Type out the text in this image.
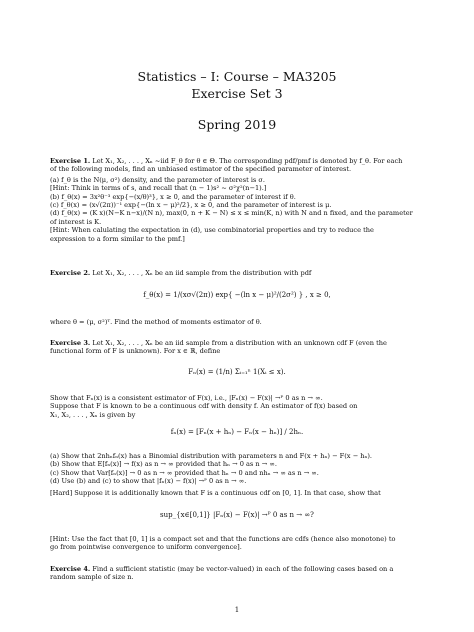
Statistics – I: Course – MA3205
Exercise Set 3
Spring 2019
Exercise 1. Let X₁, X₂, . . . , Xₙ ~iid F_θ for θ ∈ Θ. The corresponding pdf/pmf is denoted by f_θ. For each
of the following models, find an unbiased estimator of the specified parameter of interest.
(a) f_θ is the N(μ, σ²) density, and the parameter of interest is σ.
[Hint: Think in terms of s, and recall that (n − 1)s² ~ σ²χ²(n−1).]
(b) f_θ(x) = 3x²θ⁻³ exp{−(x/θ)³}, x ≥ 0, and the parameter of interest if θ.
(c) f_θ(x) = (x√(2π))⁻¹ exp{−(ln x − μ)²/2}, x ≥ 0, and the parameter of interest is μ.
(d) f_θ(x) = (K x)(N−K n−x)/(N n), max(0, n + K − N) ≤ x ≤ min(K, n) with N and n fixed, and the parameter
of interest is K.
[Hint: When calulating the expectation in (d), use combinatorial properties and try to reduce the
expression to a form similar to the pmf.]
Exercise 2. Let X₁, X₂, . . . , Xₙ be an iid sample from the distribution with pdf
f_θ(x) = 1/(xσ√(2π)) exp{ −(ln x − μ)²/(2σ²) } , x ≥ 0,
where θ = (μ, σ²)ᵀ. Find the method of moments estimator of θ.
Exercise 3. Let X₁, X₂, . . . , Xₙ be an iid sample from a distribution with an unknown cdf F (even the
functional form of F is unknown). For x ∈ ℝ, define
Fₙ(x) = (1/n) Σᵢ₌₁ⁿ 1(Xᵢ ≤ x).
Show that Fₙ(x) is a consistent estimator of F(x), i.e., |Fₙ(x) − F(x)| →ᴾ 0 as n → ∞.
Suppose that F is known to be a continuous cdf with density f. An estimator of f(x) based on
X₁, X₂, . . . , Xₙ is given by
fₙ(x) = [Fₙ(x + hₙ) − Fₙ(x − hₙ)] / 2hₙ.
(a) Show that 2nhₙfₙ(x) has a Binomial distribution with parameters n and F(x + hₙ) − F(x − hₙ).
(b) Show that E[fₙ(x)] → f(x) as n → ∞ provided that hₙ → 0 as n → ∞.
(c) Show that Var[fₙ(x)] → 0 as n → ∞ provided that hₙ → 0 and nhₙ → ∞ as n → ∞.
(d) Use (b) and (c) to show that |fₙ(x) − f(x)| →ᴾ 0 as n → ∞.
[Hard] Suppose it is additionally known that F is a continuous cdf on [0, 1]. In that case, show that
sup_{x∈[0,1]} |Fₙ(x) − F(x)| →ᴾ 0 as n → ∞?
[Hint: Use the fact that [0, 1] is a compact set and that the functions are cdfs (hence also monotone) to
go from pointwise convergence to uniform convergence].
Exercise 4. Find a sufficient statistic (may be vector-valued) in each of the following cases based on a
random sample of size n.
1
